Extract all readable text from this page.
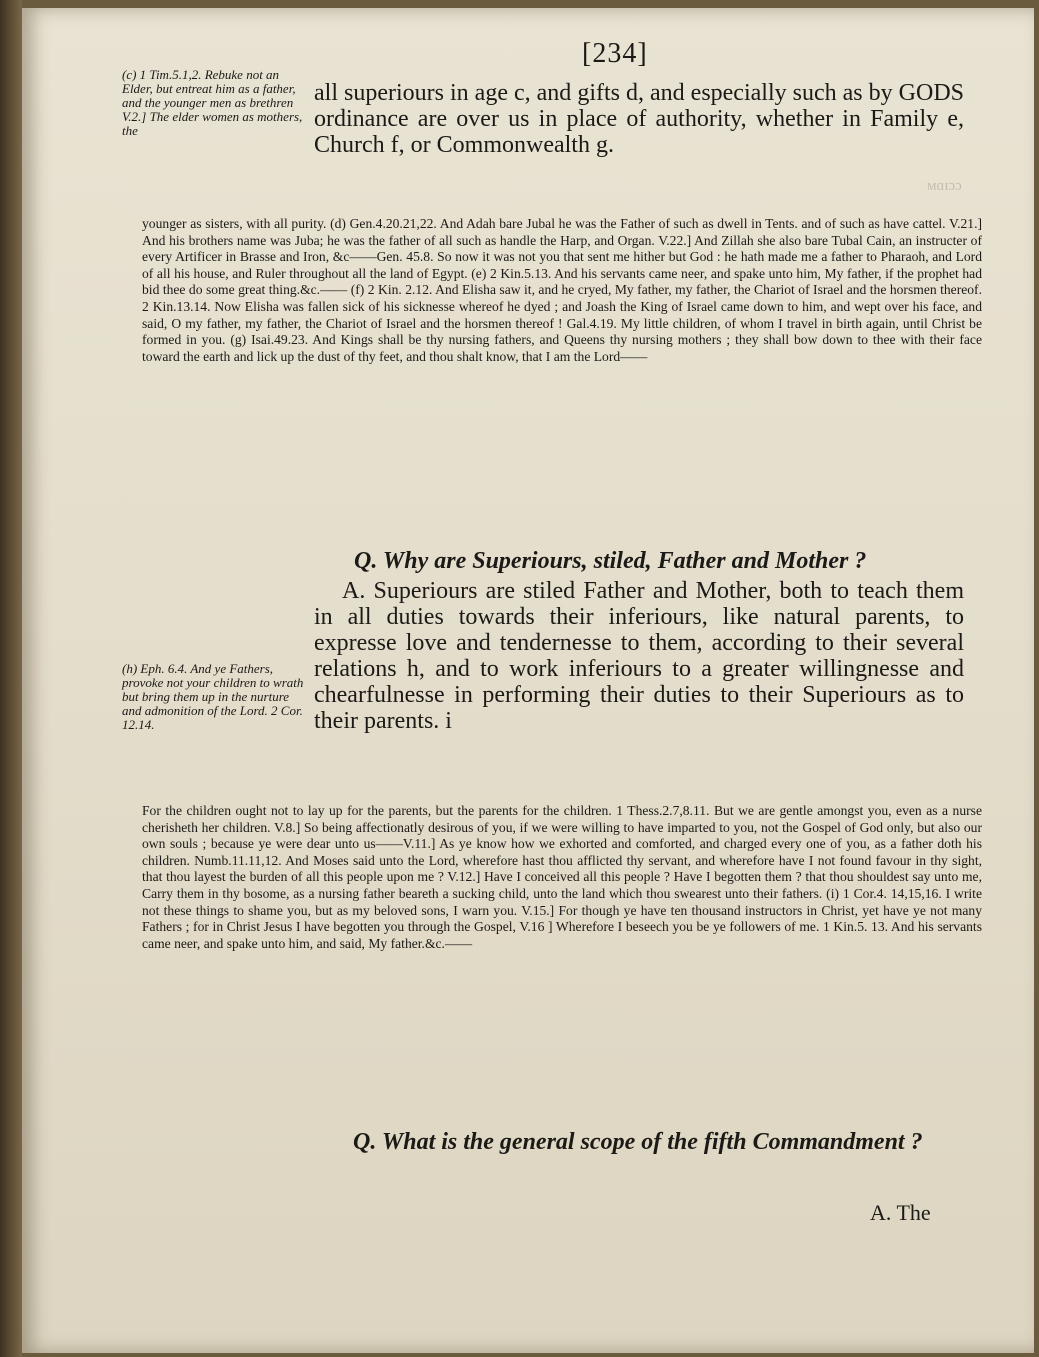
ᴍɑɪɔɔ
[234]

(c) 1 Tim.5.1,2. Rebuke not an Elder, but entreat him as a father, and the younger men as brethren V.2.] The elder women as mothers, the

all superiours in age c, and gifts d, and especially such as by GODS ordinance are over us in place of authority, whether in Family e, Church f, or Commonwealth g.

younger as sisters, with all purity. (d) Gen.4.20.21,22. And Adah bare Jubal he was the Father of such as dwell in Tents. and of such as have cattel. V.21.] And his brothers name was Juba; he was the father of all such as handle the Harp, and Organ. V.22.] And Zillah she also bare Tubal Cain, an instructer of every Artificer in Brasse and Iron, &c——Gen. 45.8. So now it was not you that sent me hither but God : he hath made me a father to Pharaoh, and Lord of all his house, and Ruler throughout all the land of Egypt. (e) 2 Kin.5.13. And his servants came neer, and spake unto him, My father, if the prophet had bid thee do some great thing.&c.—— (f) 2 Kin. 2.12. And Elisha saw it, and he cryed, My father, my father, the Chariot of Israel and the horsmen thereof. 2 Kin.13.14. Now Elisha was fallen sick of his sicknesse whereof he dyed ; and Joash the King of Israel came down to him, and wept over his face, and said, O my father, my father, the Chariot of Israel and the horsmen thereof ! Gal.4.19. My little children, of whom I travel in birth again, until Christ be formed in you. (g) Isai.49.23. And Kings shall be thy nursing fathers, and Queens thy nursing mothers ; they shall bow down to thee with their face toward the earth and lick up the dust of thy feet, and thou shalt know, that I am the Lord——

Q. Why are Superiours, stiled, Father and Mother ?

A. Superiours are stiled Father and Mother, both to teach them in all duties towards their inferiours, like natural parents, to expresse love and tendernesse to them, according to their several relations h, and to work inferiours to a greater willingnesse and chearfulnesse in performing their duties to their Superiours as to their parents. i

(h) Eph. 6.4. And ye Fathers, provoke not your children to wrath but bring them up in the nurture and admonition of the Lord. 2 Cor. 12.14.

For the children ought not to lay up for the parents, but the parents for the children. 1 Thess.2.7,8.11. But we are gentle amongst you, even as a nurse cherisheth her children. V.8.] So being affectionatly desirous of you, if we were willing to have imparted to you, not the Gospel of God only, but also our own souls ; because ye were dear unto us——V.11.] As ye know how we exhorted and comforted, and charged every one of you, as a father doth his children. Numb.11.11,12. And Moses said unto the Lord, wherefore hast thou afflicted thy servant, and wherefore have I not found favour in thy sight, that thou layest the burden of all this people upon me ? V.12.] Have I conceived all this people ? Have I begotten them ? that thou shouldest say unto me, Carry them in thy bosome, as a nursing father beareth a sucking child, unto the land which thou swearest unto their fathers. (i) 1 Cor.4. 14,15,16. I write not these things to shame you, but as my beloved sons, I warn you. V.15.] For though ye have ten thousand instructors in Christ, yet have ye not many Fathers ; for in Christ Jesus I have begotten you through the Gospel, V.16 ] Wherefore I beseech you be ye followers of me. 1 Kin.5. 13. And his servants came neer, and spake unto him, and said, My father.&c.——

Q. What is the general scope of the fifth Commandment ?
A. The
